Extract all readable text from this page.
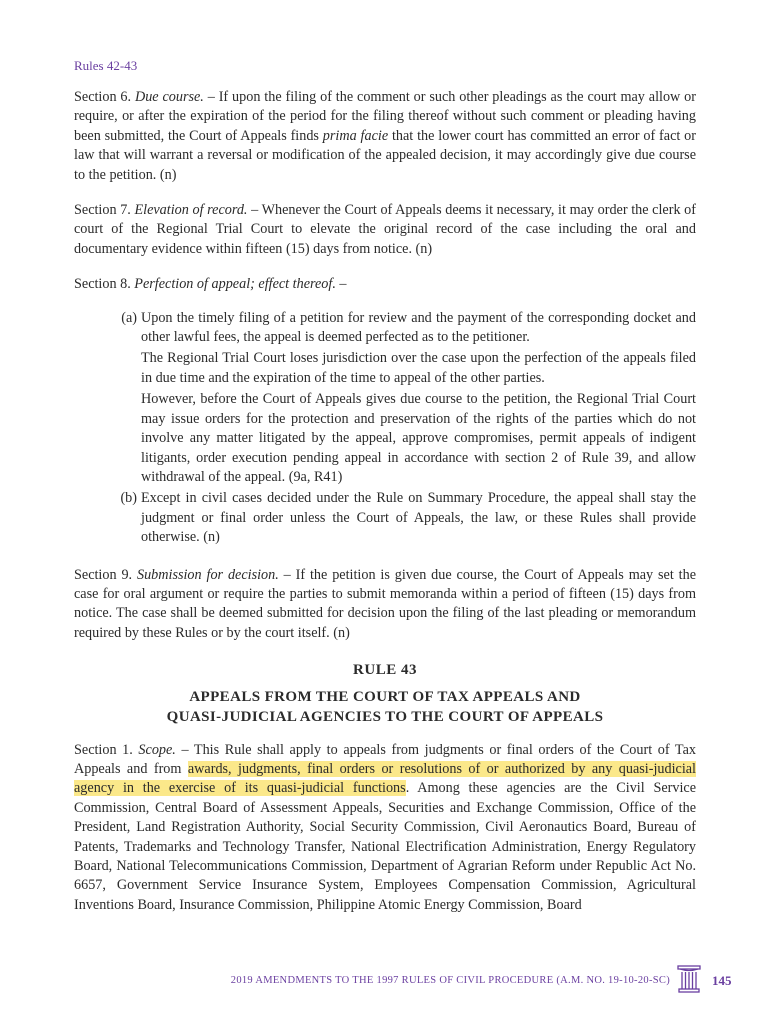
Rules 42-43

Section 6. Due course. – If upon the filing of the comment or such other pleadings as the court may allow or require, or after the expiration of the period for the filing thereof without such comment or pleading having been submitted, the Court of Appeals finds prima facie that the lower court has committed an error of fact or law that will warrant a reversal or modification of the appealed decision, it may accordingly give due course to the petition. (n)

Section 7. Elevation of record. – Whenever the Court of Appeals deems it necessary, it may order the clerk of court of the Regional Trial Court to elevate the original record of the case including the oral and documentary evidence within fifteen (15) days from notice. (n)

Section 8. Perfection of appeal; effect thereof. –

(a) Upon the timely filing of a petition for review and the payment of the corresponding docket and other lawful fees, the appeal is deemed perfected as to the petitioner.

The Regional Trial Court loses jurisdiction over the case upon the perfection of the appeals filed in due time and the expiration of the time to appeal of the other parties.

However, before the Court of Appeals gives due course to the petition, the Regional Trial Court may issue orders for the protection and preservation of the rights of the parties which do not involve any matter litigated by the appeal, approve compromises, permit appeals of indigent litigants, order execution pending appeal in accordance with section 2 of Rule 39, and allow withdrawal of the appeal. (9a, R41)

(b) Except in civil cases decided under the Rule on Summary Procedure, the appeal shall stay the judgment or final order unless the Court of Appeals, the law, or these Rules shall provide otherwise. (n)

Section 9. Submission for decision. – If the petition is given due course, the Court of Appeals may set the case for oral argument or require the parties to submit memoranda within a period of fifteen (15) days from notice. The case shall be deemed submitted for decision upon the filing of the last pleading or memorandum required by these Rules or by the court itself. (n)

RULE 43
APPEALS FROM THE COURT OF TAX APPEALS AND
QUASI-JUDICIAL AGENCIES TO THE COURT OF APPEALS

Section 1. Scope. – This Rule shall apply to appeals from judgments or final orders of the Court of Tax Appeals and from awards, judgments, final orders or resolutions of or authorized by any quasi-judicial agency in the exercise of its quasi-judicial functions. Among these agencies are the Civil Service Commission, Central Board of Assessment Appeals, Securities and Exchange Commission, Office of the President, Land Registration Authority, Social Security Commission, Civil Aeronautics Board, Bureau of Patents, Trademarks and Technology Transfer, National Electrification Administration, Energy Regulatory Board, National Telecommunications Commission, Department of Agrarian Reform under Republic Act No. 6657, Government Service Insurance System, Employees Compensation Commission, Agricultural Inventions Board, Insurance Commission, Philippine Atomic Energy Commission, Board

2019 AMENDMENTS TO THE 1997 RULES OF CIVIL PROCEDURE (A.M. NO. 19-10-20-SC)	145
